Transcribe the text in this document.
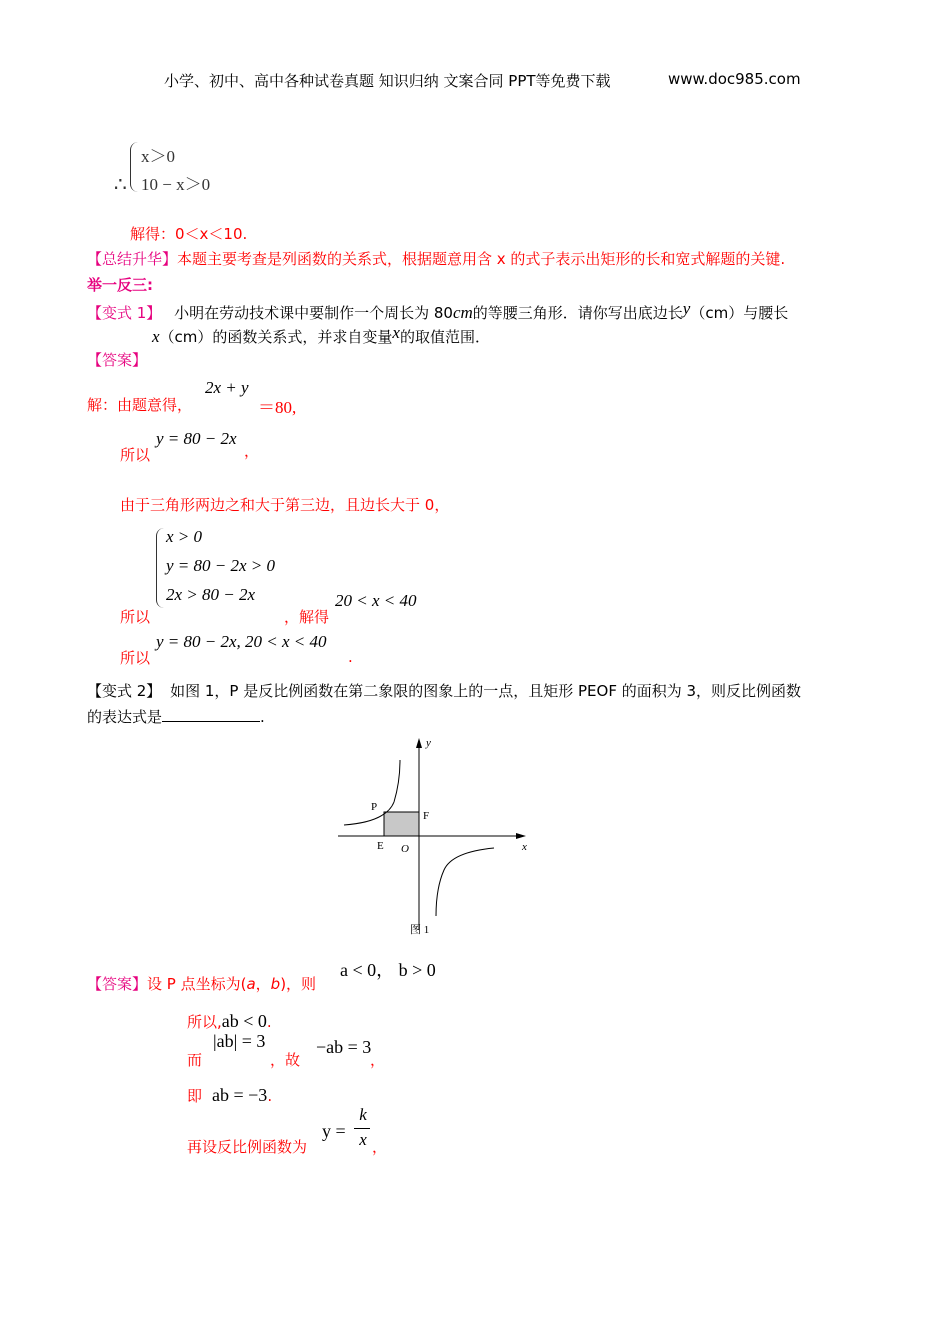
小学、初中、高中各种试卷真题 知识归纳 文案合同 PPT等免费下载	www.doc985.com
∴
x＞0
10 − x＞0
解得：0＜x＜10.
【总结升华】本题主要考查是列函数的关系式，根据题意用含 x 的式子表示出矩形的长和宽式解题的关键.
举一反三:
【变式 1】 小明在劳动技术课中要制作一个周长为 80cm的等腰三角形．请你写出底边长y（cm）与腰长
x（cm）的函数关系式，并求自变量x的取值范围．
【答案】
解：由题意得，
2x + y
＝80,
所以
y = 80 − 2x
，
由于三角形两边之和大于第三边，且边长大于 0，
x > 0
y = 80 − 2x > 0
2x > 80 − 2x
所以	，解得
20 < x < 40
所以
y = 80 − 2x, 20 < x < 40
.
【变式 2】 如图 1，P 是反比例函数在第二象限的图象上的一点，且矩形 PEOF 的面积为 3，则反比例函数
的表达式是	.
y
x
P
F
E O
图 1
【答案】设 P 点坐标为(a，b)，则
a < 0， b > 0
所以,ab < 0.
而
|ab| = 3
，故
−ab = 3
，
即 ab = −3.
再设反比例函数为
y =
k
x ，
